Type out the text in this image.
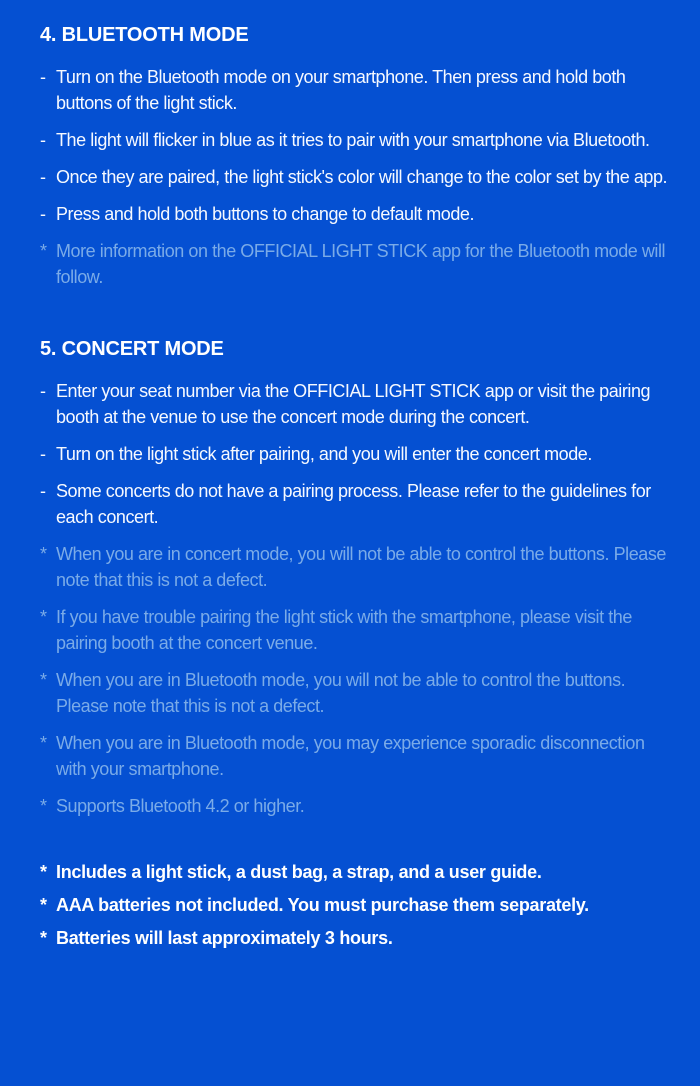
4. BLUETOOTH MODE
- Turn on the Bluetooth mode on your smartphone. Then press and hold both buttons of the light stick.
- The light will flicker in blue as it tries to pair with your smartphone via Bluetooth.
- Once they are paired, the light stick's color will change to the color set by the app.
- Press and hold both buttons to change to default mode.
* More information on the OFFICIAL LIGHT STICK app for the Bluetooth mode will follow.
5. CONCERT MODE
- Enter your seat number via the OFFICIAL LIGHT STICK app or visit the pairing booth at the venue to use the concert mode during the concert.
- Turn on the light stick after pairing, and you will enter the concert mode.
- Some concerts do not have a pairing process. Please refer to the guidelines for each concert.
* When you are in concert mode, you will not be able to control the buttons. Please note that this is not a defect.
* If you have trouble pairing the light stick with the smartphone, please visit the pairing booth at the concert venue.
* When you are in Bluetooth mode, you will not be able to control the buttons. Please note that this is not a defect.
* When you are in Bluetooth mode, you may experience sporadic disconnection with your smartphone.
* Supports Bluetooth 4.2 or higher.
* Includes a light stick, a dust bag, a strap, and a user guide.
* AAA batteries not included. You must purchase them separately.
* Batteries will last approximately 3 hours.
